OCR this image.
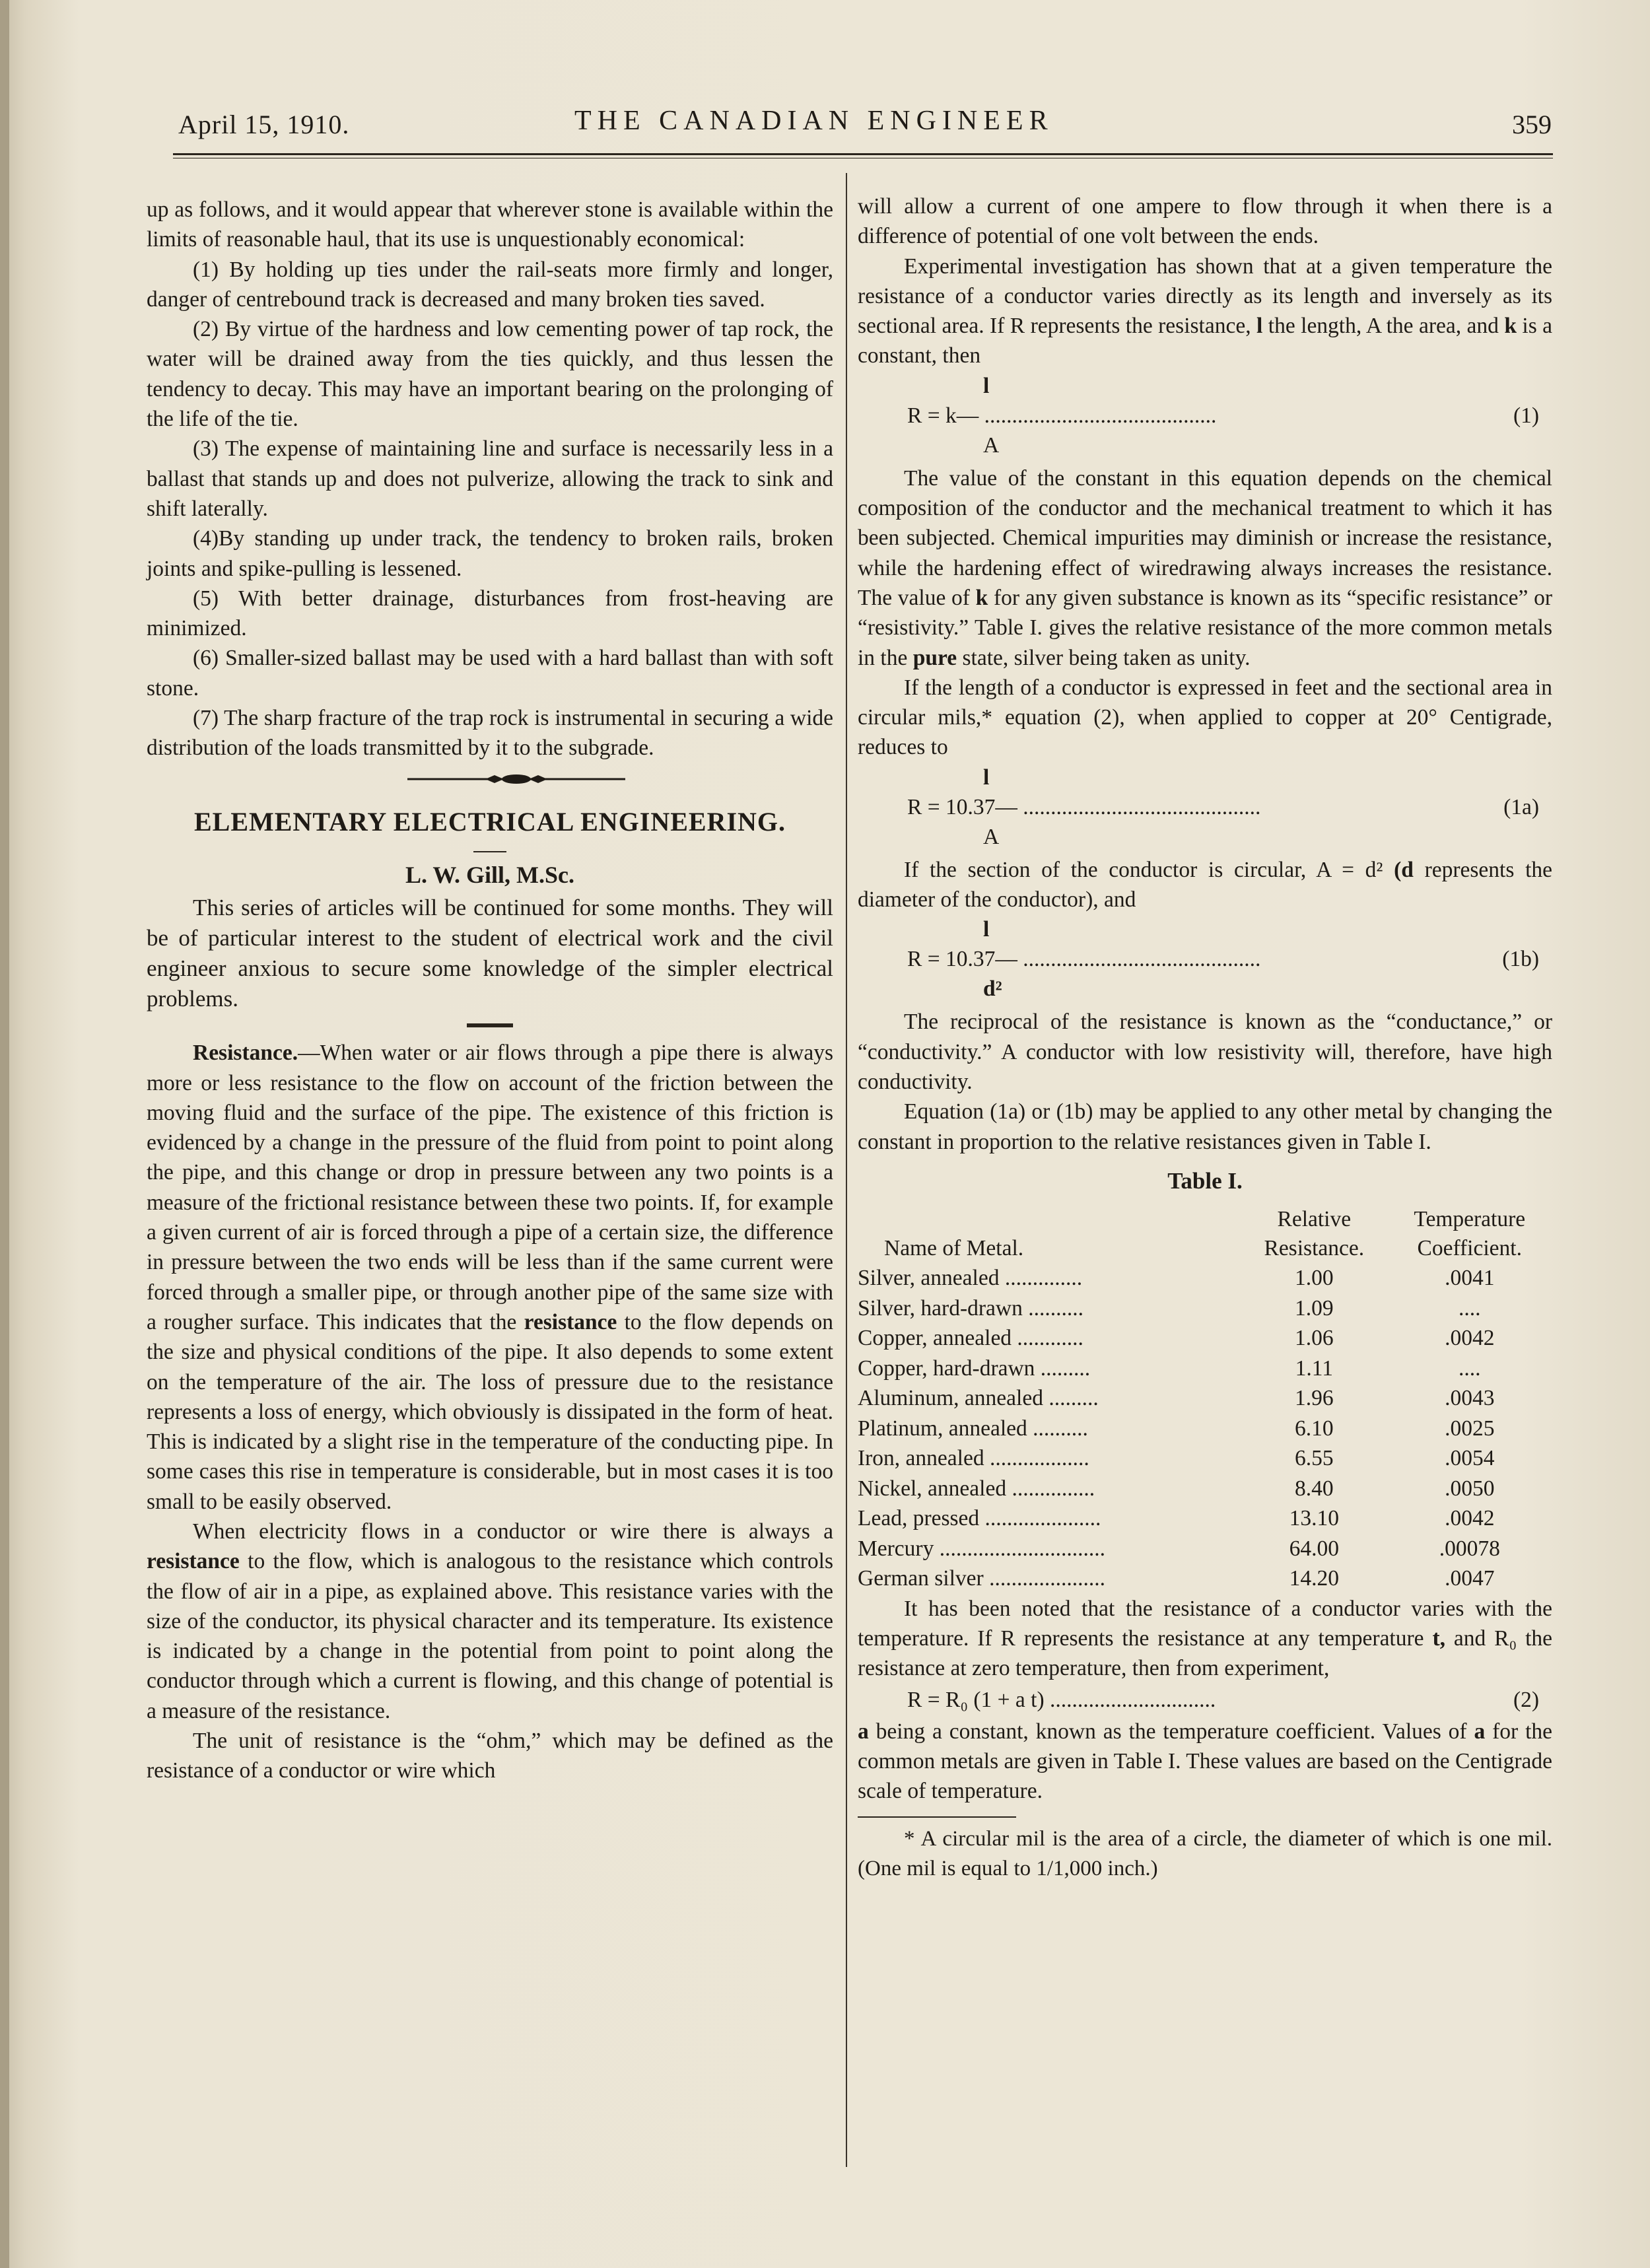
April 15, 1910.	THE CANADIAN ENGINEER	359

up as follows, and it would appear that wherever stone is available within the limits of reasonable haul, that its use is unquestionably economical:

(1) By holding up ties under the rail-seats more firmly and longer, danger of centrebound track is decreased and many broken ties saved.

(2) By virtue of the hardness and low cementing power of tap rock, the water will be drained away from the ties quickly, and thus lessen the tendency to decay. This may have an important bearing on the prolonging of the life of the tie.

(3) The expense of maintaining line and surface is necessarily less in a ballast that stands up and does not pulverize, allowing the track to sink and shift laterally.

(4)By standing up under track, the tendency to broken rails, broken joints and spike-pulling is lessened.

(5) With better drainage, disturbances from frost-heaving are minimized.

(6) Smaller-sized ballast may be used with a hard ballast than with soft stone.

(7) The sharp fracture of the trap rock is instrumental in securing a wide distribution of the loads transmitted by it to the subgrade.

ELEMENTARY ELECTRICAL ENGINEERING.
L. W. Gill, M.Sc.

This series of articles will be continued for some months. They will be of particular interest to the student of electrical work and the civil engineer anxious to secure some knowledge of the simpler electrical problems.

Resistance.—When water or air flows through a pipe there is always more or less resistance to the flow on account of the friction between the moving fluid and the surface of the pipe. The existence of this friction is evidenced by a change in the pressure of the fluid from point to point along the pipe, and this change or drop in pressure between any two points is a measure of the frictional resistance between these two points. If, for example a given current of air is forced through a pipe of a certain size, the difference in pressure between the two ends will be less than if the same current were forced through a smaller pipe, or through another pipe of the same size with a rougher surface. This indicates that the resistance to the flow depends on the size and physical conditions of the pipe. It also depends to some extent on the temperature of the air. The loss of pressure due to the resistance represents a loss of energy, which obviously is dissipated in the form of heat. This is indicated by a slight rise in the temperature of the conducting pipe. In some cases this rise in temperature is considerable, but in most cases it is too small to be easily observed.

When electricity flows in a conductor or wire there is always a resistance to the flow, which is analogous to the resistance which controls the flow of air in a pipe, as explained above. This resistance varies with the size of the conductor, its physical character and its temperature. Its existence is indicated by a change in the potential from point to point along the conductor through which a current is flowing, and this change of potential is a measure of the resistance.

The unit of resistance is the “ohm,” which may be defined as the resistance of a conductor or wire which

will allow a current of one ampere to flow through it when there is a difference of potential of one volt between the ends.

Experimental investigation has shown that at a given temperature the resistance of a conductor varies directly as its length and inversely as its sectional area. If R represents the resistance, l the length, A the area, and k is a constant, then

l
R = k— ..........................................
A
(1)

The value of the constant in this equation depends on the chemical composition of the conductor and the mechanical treatment to which it has been subjected. Chemical impurities may diminish or increase the resistance, while the hardening effect of wiredrawing always increases the resistance. The value of k for any given substance is known as its “specific resistance” or “resistivity.” Table I. gives the relative resistance of the more common metals in the pure state, silver being taken as unity.

If the length of a conductor is expressed in feet and the sectional area in circular mils,* equation (2), when applied to copper at 20° Centigrade, reduces to

l
R = 10.37— ...........................................
A
(1a)

If the section of the conductor is circular, A = d² (d represents the diameter of the conductor), and

l
R = 10.37— ...........................................
d²
(1b)

The reciprocal of the resistance is known as the “conductance,” or “conductivity.” A conductor with low resistivity will, therefore, have high conductivity.

Equation (1a) or (1b) may be applied to any other metal by changing the constant in proportion to the relative resistances given in Table I.

Table I.
Name of Metal.	Relative Resistance.	Temperature Coefficient.
Silver, annealed ..............	1.00	.0041
Silver, hard-drawn ..........	1.09	....
Copper, annealed ............	1.06	.0042
Copper, hard-drawn .........	1.11	....
Aluminum, annealed .........	1.96	.0043
Platinum, annealed ..........	6.10	.0025
Iron, annealed ..................	6.55	.0054
Nickel, annealed ...............	8.40	.0050
Lead, pressed .....................	13.10	.0042
Mercury ..............................	64.00	.00078
German silver .....................	14.20	.0047

It has been noted that the resistance of a conductor varies with the temperature. If R represents the resistance at any temperature t, and R₀ the resistance at zero temperature, then from experiment,

R = R₀ (1 + a t) ..............................	(2)

a being a constant, known as the temperature coefficient. Values of a for the common metals are given in Table I. These values are based on the Centigrade scale of temperature.

* A circular mil is the area of a circle, the diameter of which is one mil. (One mil is equal to 1/1,000 inch.)
